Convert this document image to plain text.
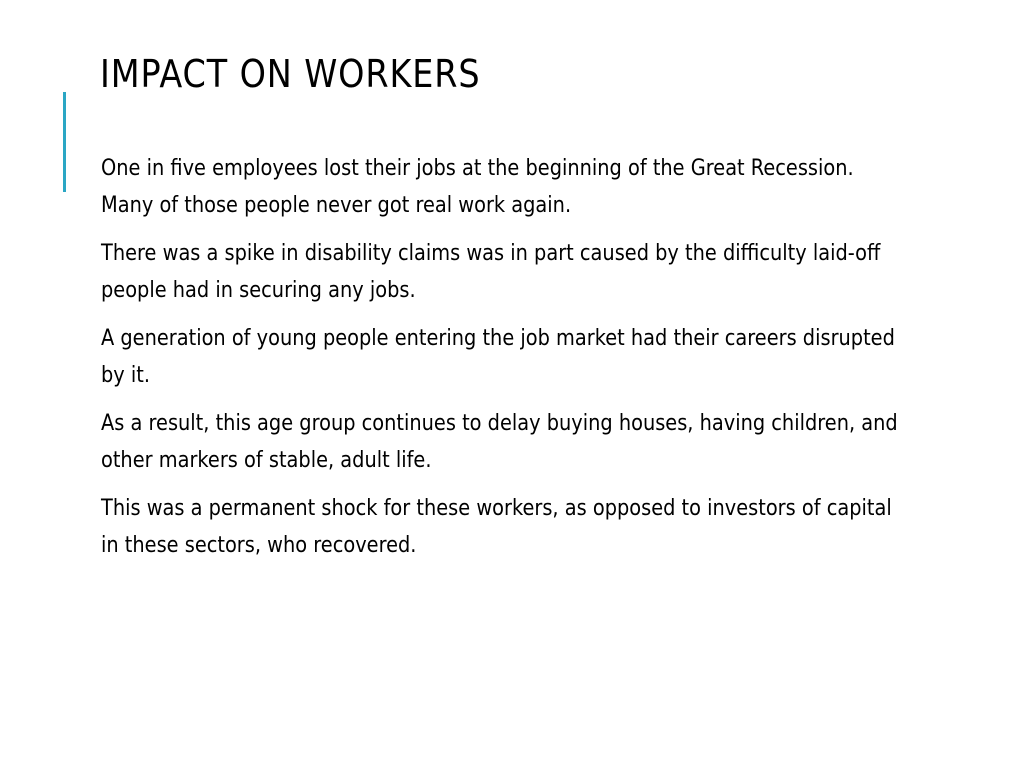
IMPACT ON WORKERS

One in five employees lost their jobs at the beginning of the Great Recession. Many of those people never got real work again.

There was a spike in disability claims was in part caused by the difficulty laid-off people had in securing any jobs.

A generation of young people entering the job market had their careers disrupted by it.

As a result, this age group continues to delay buying houses, having children, and other markers of stable, adult life.

This was a permanent shock for these workers, as opposed to investors of capital in these sectors, who recovered.
